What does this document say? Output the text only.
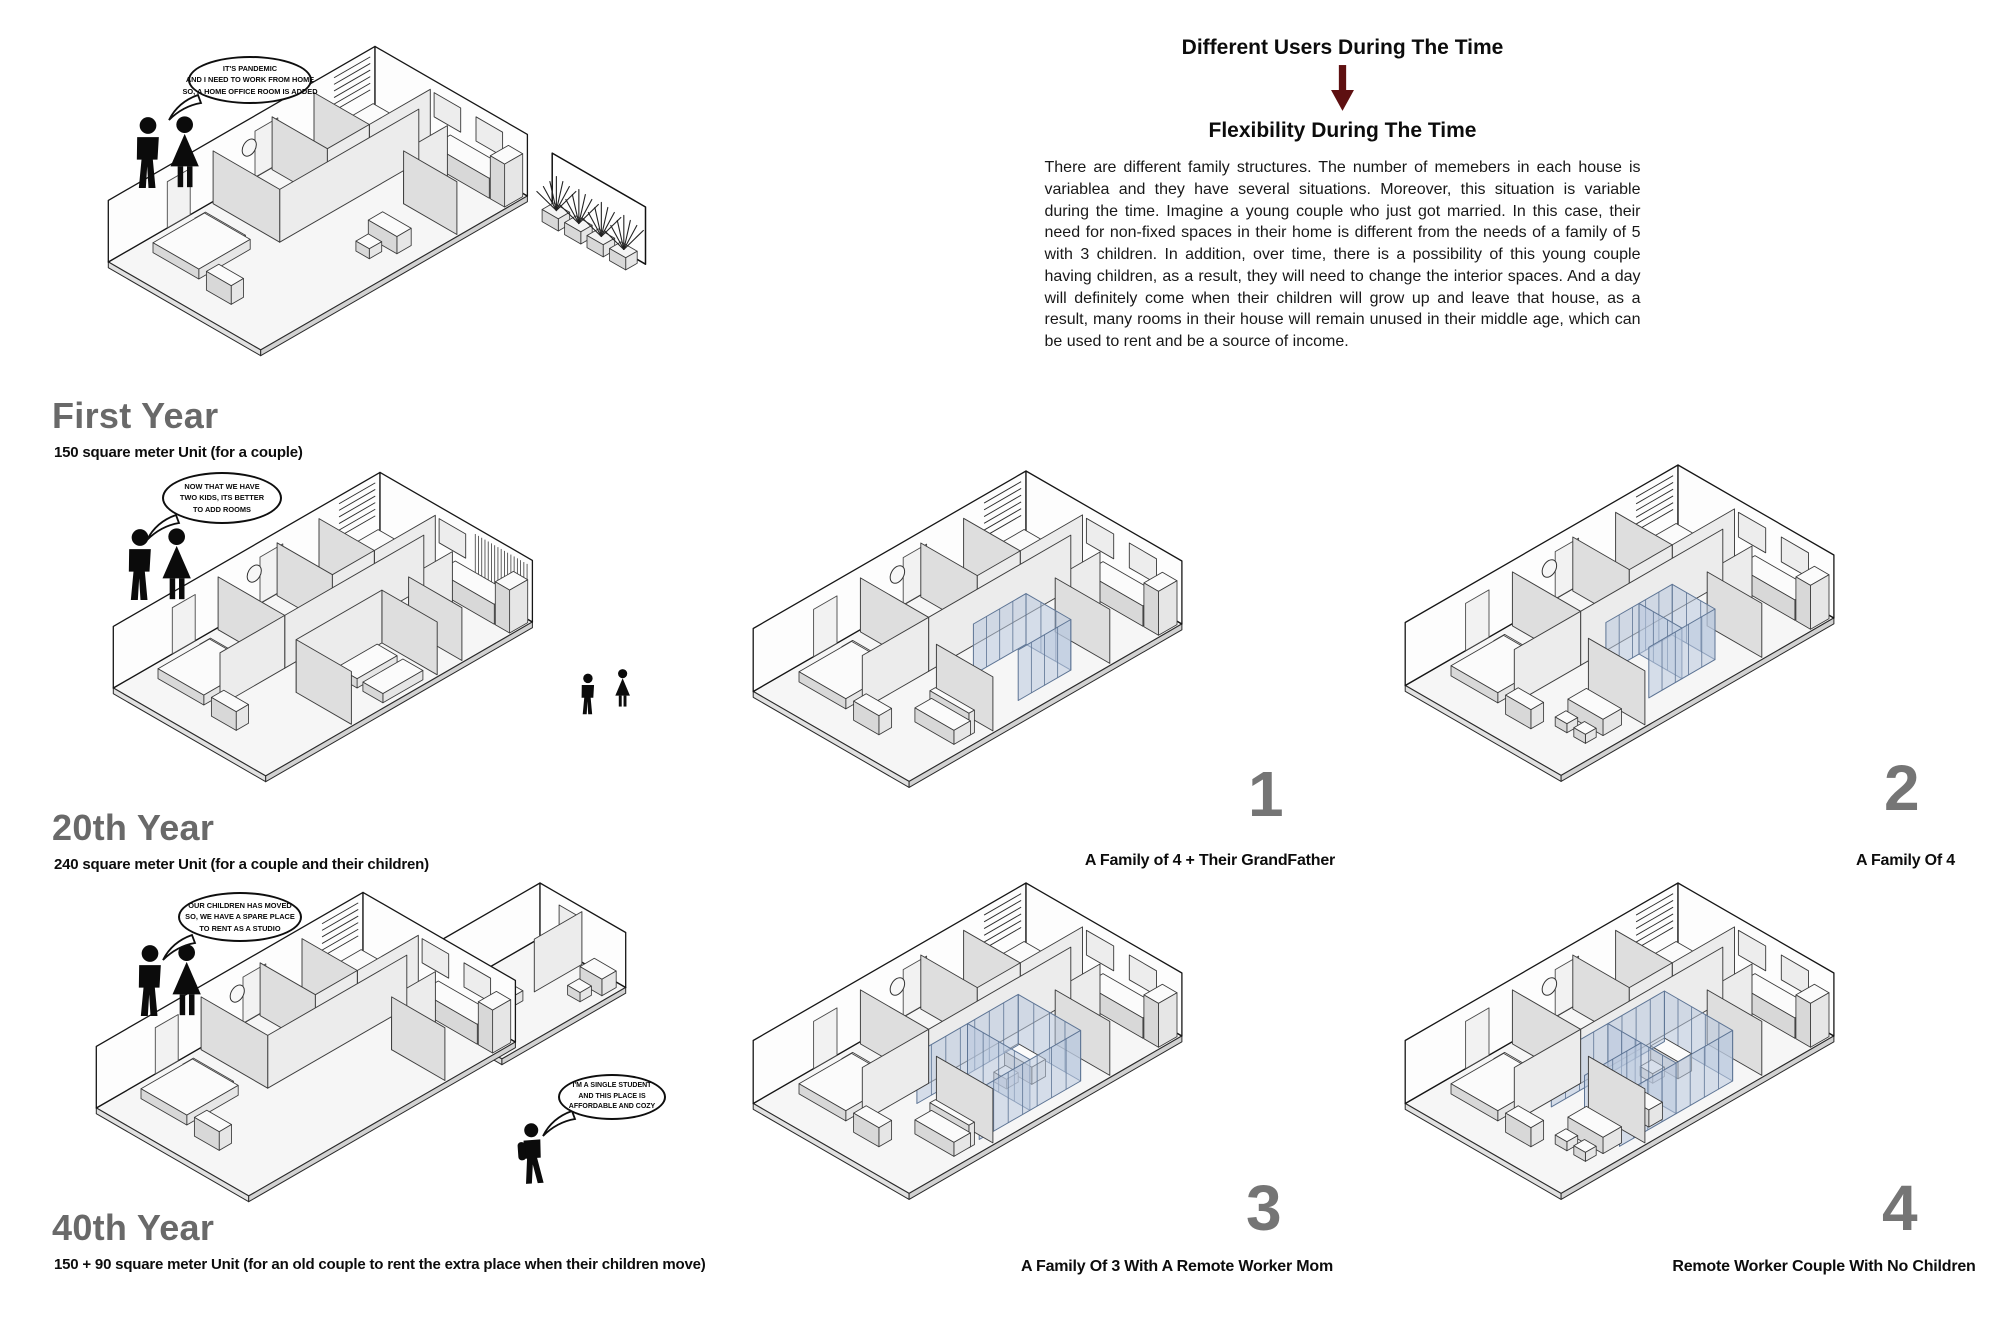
Different Users During The Time
Flexibility During The Time

There are different family structures. The number of memebers in each house is variablea and they have several situations. Moreover, this situation is variable during the time. Imagine a young couple who just got married. In this case, their need for non-fixed spaces in their home is different from the needs of a family of 5 with 3 children. In addition, over time, there is a possibility of this young couple having children, as a result, they will need to change the interior spaces. And a day will definitely come when their children will grow up and leave that house, as a result, many rooms in their house will remain unused in their middle age, which can be used to rent and be a source of income.

IT'S PANDEMIC
AND I NEED TO WORK FROM HOME
SO, A HOME OFFICE ROOM IS ADDED
First Year
150 square meter Unit (for a couple)
NOW THAT WE HAVE
TWO KIDS, ITS BETTER
TO ADD ROOMS
20th Year
240 square meter Unit (for a couple and their children)
OUR CHILDREN HAS MOVED
SO, WE HAVE A SPARE PLACE
TO RENT AS A STUDIO
I'M A SINGLE STUDENT
AND THIS PLACE IS
AFFORDABLE AND COZY
40th Year
150 + 90 square meter Unit (for an old couple to rent the extra place when their children move)
1
A Family of 4 + Their GrandFather
2
A Family Of 4
3
A Family Of 3 With A Remote Worker Mom
4
Remote Worker Couple With No Children
